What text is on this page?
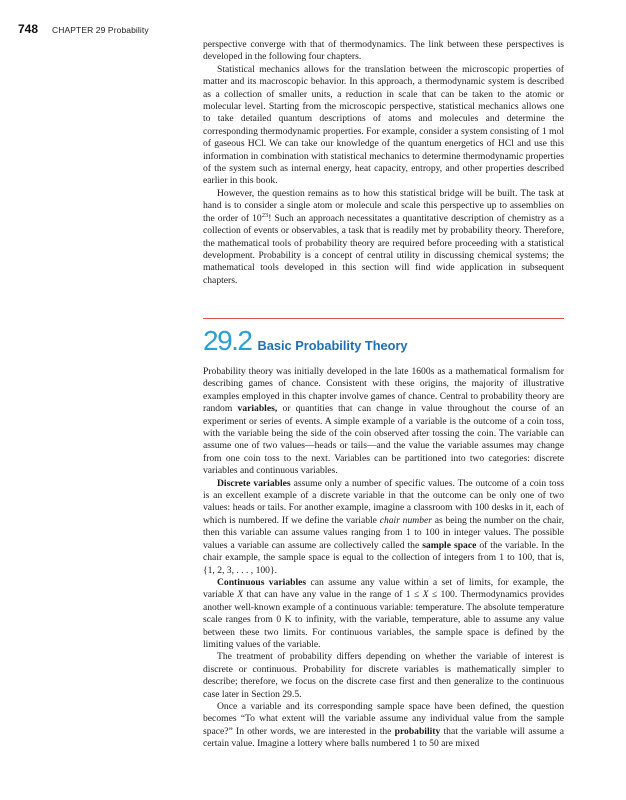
748 CHAPTER 29 Probability

perspective converge with that of thermodynamics. The link between these perspectives is developed in the following four chapters.

Statistical mechanics allows for the translation between the microscopic properties of matter and its macroscopic behavior. In this approach, a thermodynamic system is described as a collection of smaller units, a reduction in scale that can be taken to the atomic or molecular level. Starting from the microscopic perspective, statistical mechanics allows one to take detailed quantum descriptions of atoms and molecules and determine the corresponding thermodynamic properties. For example, consider a system consisting of 1 mol of gaseous HCl. We can take our knowledge of the quantum energetics of HCl and use this information in combination with statistical mechanics to determine thermodynamic properties of the system such as internal energy, heat capacity, entropy, and other properties described earlier in this book.

However, the question remains as to how this statistical bridge will be built. The task at hand is to consider a single atom or molecule and scale this perspective up to assemblies on the order of $10^{23}$! Such an approach necessitates a quantitative description of chemistry as a collection of events or observables, a task that is readily met by probability theory. Therefore, the mathematical tools of probability theory are required before proceeding with a statistical development. Probability is a concept of central utility in discussing chemical systems; the mathematical tools developed in this section will find wide application in subsequent chapters.

29.2 Basic Probability Theory

Probability theory was initially developed in the late 1600s as a mathematical formalism for describing games of chance. Consistent with these origins, the majority of illustrative examples employed in this chapter involve games of chance. Central to probability theory are random variables, or quantities that can change in value throughout the course of an experiment or series of events. A simple example of a variable is the outcome of a coin toss, with the variable being the side of the coin observed after tossing the coin. The variable can assume one of two values—heads or tails—and the value the variable assumes may change from one coin toss to the next. Variables can be partitioned into two categories: discrete variables and continuous variables.

Discrete variables assume only a number of specific values. The outcome of a coin toss is an excellent example of a discrete variable in that the outcome can be only one of two values: heads or tails. For another example, imagine a classroom with 100 desks in it, each of which is numbered. If we define the variable chair number as being the number on the chair, then this variable can assume values ranging from 1 to 100 in integer values. The possible values a variable can assume are collectively called the sample space of the variable. In the chair example, the sample space is equal to the collection of integers from 1 to 100, that is, {1, 2, 3, . . . , 100}.

Continuous variables can assume any value within a set of limits, for example, the variable X that can have any value in the range of 1 ≤ X ≤ 100. Thermodynamics provides another well-known example of a continuous variable: temperature. The absolute temperature scale ranges from 0 K to infinity, with the variable, temperature, able to assume any value between these two limits. For continuous variables, the sample space is defined by the limiting values of the variable.

The treatment of probability differs depending on whether the variable of interest is discrete or continuous. Probability for discrete variables is mathematically simpler to describe; therefore, we focus on the discrete case first and then generalize to the continuous case later in Section 29.5.

Once a variable and its corresponding sample space have been defined, the question becomes “To what extent will the variable assume any individual value from the sample space?” In other words, we are interested in the probability that the variable will assume a certain value. Imagine a lottery where balls numbered 1 to 50 are mixed
